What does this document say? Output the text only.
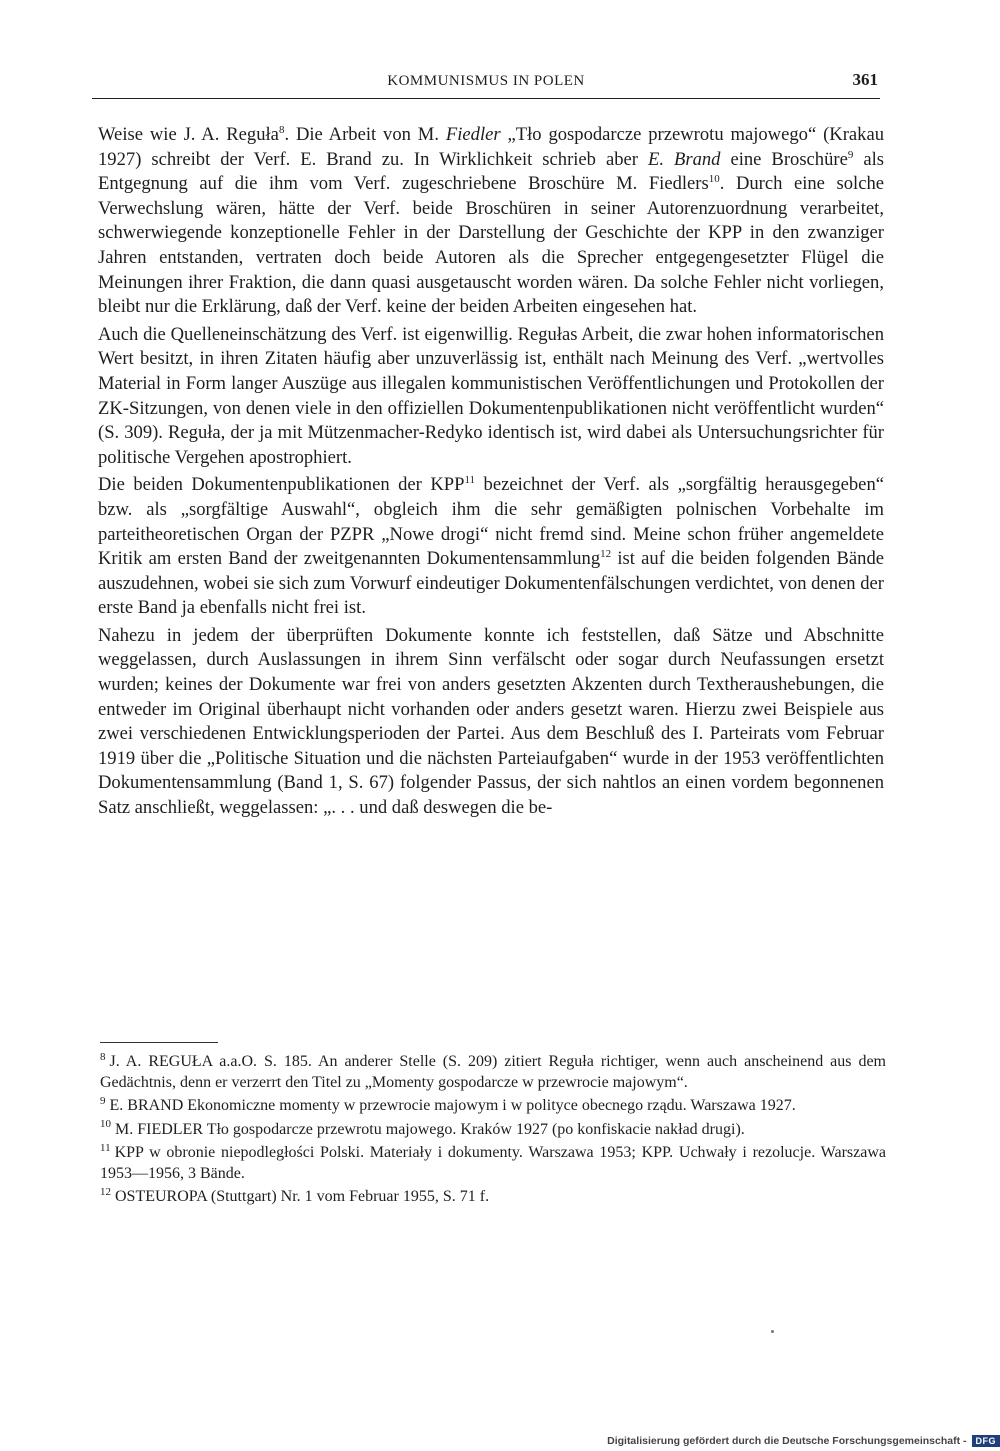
KOMMUNISMUS IN POLEN	361

Weise wie J. A. Reguła$^8$. Die Arbeit von M. Fiedler „Tło gospodarcze przewrotu majowego“ (Krakau 1927) schreibt der Verf. E. Brand zu. In Wirklichkeit schrieb aber E. Brand eine Broschüre$^9$ als Entgegnung auf die ihm vom Verf. zugeschriebene Broschüre M. Fiedlers$^{10}$. Durch eine solche Verwechslung wären, hätte der Verf. beide Broschüren in seiner Autorenzuordnung verarbeitet, schwerwiegende konzeptionelle Fehler in der Darstellung der Geschichte der KPP in den zwanziger Jahren entstanden, vertraten doch beide Autoren als die Sprecher entgegengesetzter Flügel die Meinungen ihrer Fraktion, die dann quasi ausgetauscht worden wären. Da solche Fehler nicht vorliegen, bleibt nur die Erklärung, daß der Verf. keine der beiden Arbeiten eingesehen hat.

Auch die Quelleneinschätzung des Verf. ist eigenwillig. Regułas Arbeit, die zwar hohen informatorischen Wert besitzt, in ihren Zitaten häufig aber unzuverlässig ist, enthält nach Meinung des Verf. „wertvolles Material in Form langer Auszüge aus illegalen kommunistischen Veröffentlichungen und Protokollen der ZK-Sitzungen, von denen viele in den offiziellen Dokumentenpublikationen nicht veröffentlicht wurden“ (S. 309). Reguła, der ja mit Mützenmacher-Redyko identisch ist, wird dabei als Untersuchungsrichter für politische Vergehen apostrophiert.

Die beiden Dokumentenpublikationen der KPP$^{11}$ bezeichnet der Verf. als „sorgfältig herausgegeben“ bzw. als „sorgfältige Auswahl“, obgleich ihm die sehr gemäßigten polnischen Vorbehalte im parteitheoretischen Organ der PZPR „Nowe drogi“ nicht fremd sind. Meine schon früher angemeldete Kritik am ersten Band der zweitgenannten Dokumentensammlung$^{12}$ ist auf die beiden folgenden Bände auszudehnen, wobei sie sich zum Vorwurf eindeutiger Dokumentenfälschungen verdichtet, von denen der erste Band ja ebenfalls nicht frei ist.

Nahezu in jedem der überprüften Dokumente konnte ich feststellen, daß Sätze und Abschnitte weggelassen, durch Auslassungen in ihrem Sinn verfälscht oder sogar durch Neufassungen ersetzt wurden; keines der Dokumente war frei von anders gesetzten Akzenten durch Textheraushebungen, die entweder im Original überhaupt nicht vorhanden oder anders gesetzt waren. Hierzu zwei Beispiele aus zwei verschiedenen Entwicklungsperioden der Partei. Aus dem Beschluß des I. Parteirats vom Februar 1919 über die „Politische Situation und die nächsten Parteiaufgaben“ wurde in der 1953 veröffentlichten Dokumentensammlung (Band 1, S. 67) folgender Passus, der sich nahtlos an einen vordem begonnenen Satz anschließt, weggelassen: „. . . und daß deswegen die be-

$^8$ J. A. REGUŁA a.a.O. S. 185. An anderer Stelle (S. 209) zitiert Reguła richtiger, wenn auch anscheinend aus dem Gedächtnis, denn er verzerrt den Titel zu „Momenty gospodarcze w przewrocie majowym“.

$^9$ E. BRAND Ekonomiczne momenty w przewrocie majowym i w polityce obecnego rządu. Warszawa 1927.

$^{10}$ M. FIEDLER Tło gospodarcze przewrotu majowego. Kraków 1927 (po konfiskacie nakład drugi).

$^{11}$ KPP w obronie niepodległości Polski. Materiały i dokumenty. Warszawa 1953; KPP. Uchwały i rezolucje. Warszawa 1953—1956, 3 Bände.

$^{12}$ OSTEUROPA (Stuttgart) Nr. 1 vom Februar 1955, S. 71 f.

Digitalisierung gefördert durch die Deutsche Forschungsgemeinschaft -	DFG
